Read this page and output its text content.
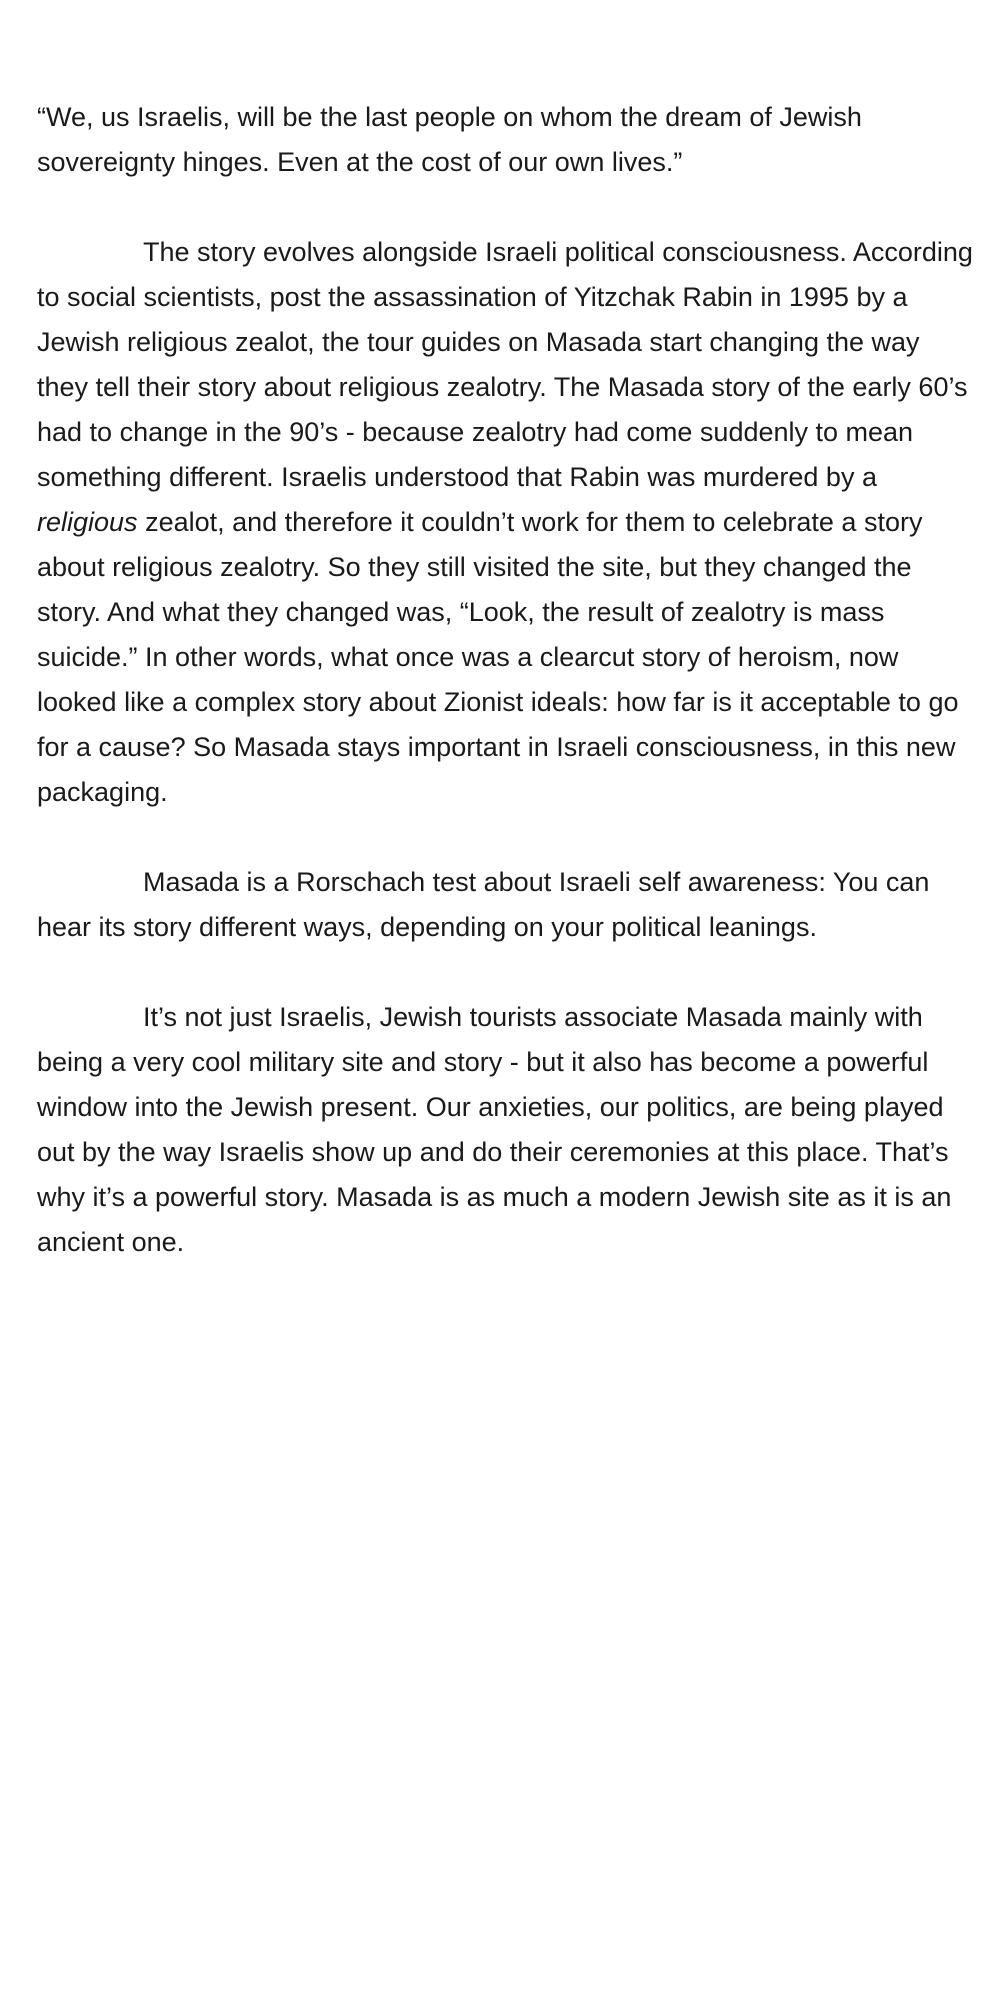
“We, us Israelis, will be the last people on whom the dream of Jewish sovereignty hinges. Even at the cost of our own lives.”

The story evolves alongside Israeli political consciousness. According to social scientists, post the assassination of Yitzchak Rabin in 1995 by a Jewish religious zealot, the tour guides on Masada start changing the way they tell their story about religious zealotry. The Masada story of the early 60’s had to change in the 90’s - because zealotry had come suddenly to mean something different. Israelis understood that Rabin was murdered by a religious zealot, and therefore it couldn’t work for them to celebrate a story about religious zealotry. So they still visited the site, but they changed the story. And what they changed was, “Look, the result of zealotry is mass suicide.” In other words, what once was a clearcut story of heroism, now looked like a complex story about Zionist ideals: how far is it acceptable to go for a cause? So Masada stays important in Israeli consciousness, in this new packaging.

Masada is a Rorschach test about Israeli self awareness: You can hear its story different ways, depending on your political leanings.

It’s not just Israelis, Jewish tourists associate Masada mainly with being a very cool military site and story - but it also has become a powerful window into the Jewish present. Our anxieties, our politics, are being played out by the way Israelis show up and do their ceremonies at this place. That’s why it’s a powerful story. Masada is as much a modern Jewish site as it is an ancient one.
